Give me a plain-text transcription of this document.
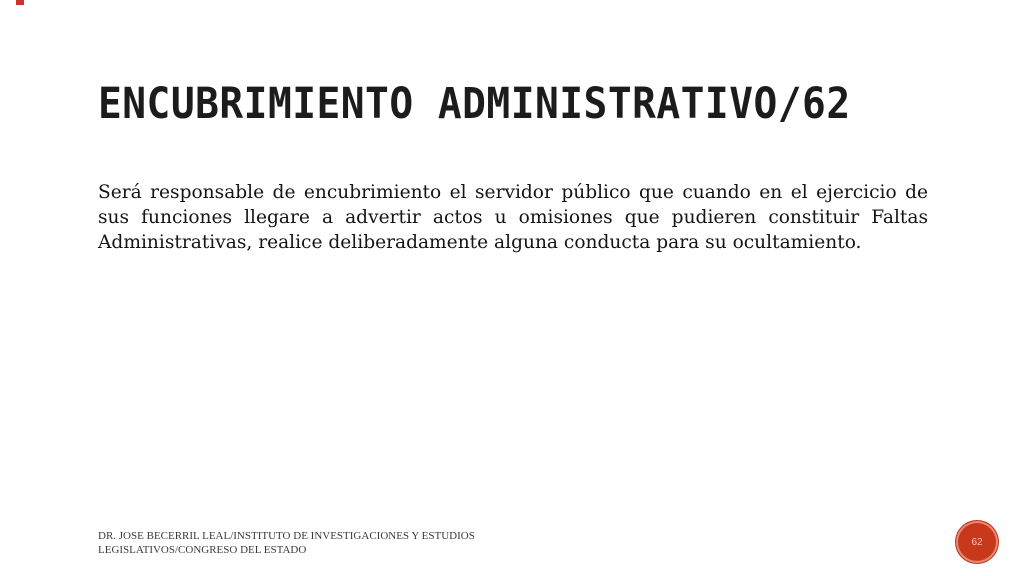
ENCUBRIMIENTO ADMINISTRATIVO/62

Será responsable de encubrimiento el servidor público que cuando en el ejercicio de sus funciones llegare a advertir actos u omisiones que pudieren constituir Faltas Administrativas, realice deliberadamente alguna conducta para su ocultamiento.

DR. JOSE BECERRIL LEAL/INSTITUTO DE INVESTIGACIONES Y ESTUDIOS LEGISLATIVOS/CONGRESO DEL ESTADO

62
